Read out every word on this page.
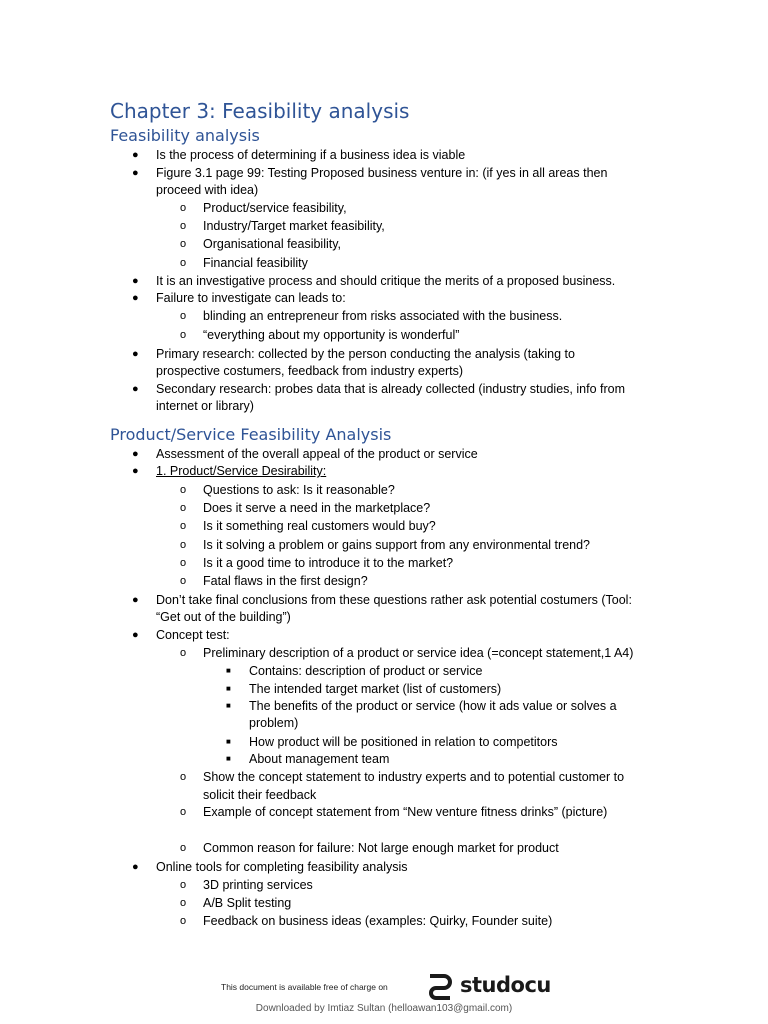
Chapter 3: Feasibility analysis
Feasibility analysis
● Is the process of determining if a business idea is viable
● Figure 3.1 page 99: Testing Proposed business venture in: (if yes in all areas then
proceed with idea)
o Product/service feasibility,
o Industry/Target market feasibility,
o Organisational feasibility,
o Financial feasibility
● It is an investigative process and should critique the merits of a proposed business.
● Failure to investigate can leads to:
o blinding an entrepreneur from risks associated with the business.
o “everything about my opportunity is wonderful”
● Primary research: collected by the person conducting the analysis (taking to
prospective costumers, feedback from industry experts)
● Secondary research: probes data that is already collected (industry studies, info from
internet or library)
Product/Service Feasibility Analysis
● Assessment of the overall appeal of the product or service
● 1. Product/Service Desirability:
o Questions to ask: Is it reasonable?
o Does it serve a need in the marketplace?
o Is it something real customers would buy?
o Is it solving a problem or gains support from any environmental trend?
o Is it a good time to introduce it to the market?
o Fatal flaws in the first design?
● Don’t take final conclusions from these questions rather ask potential costumers (Tool:
“Get out of the building”)
● Concept test:
o Preliminary description of a product or service idea (=concept statement,1 A4)
■ Contains: description of product or service
■ The intended target market (list of customers)
■ The benefits of the product or service (how it ads value or solves a
problem)
■ How product will be positioned in relation to competitors
■ About management team
o Show the concept statement to industry experts and to potential customer to
solicit their feedback
o Example of concept statement from “New venture fitness drinks” (picture)
o Common reason for failure: Not large enough market for product
● Online tools for completing feasibility analysis
o 3D printing services
o A/B Split testing
o Feedback on business ideas (examples: Quirky, Founder suite)
This document is available free of charge on	studocu
Downloaded by Imtiaz Sultan (helloawan103@gmail.com)
